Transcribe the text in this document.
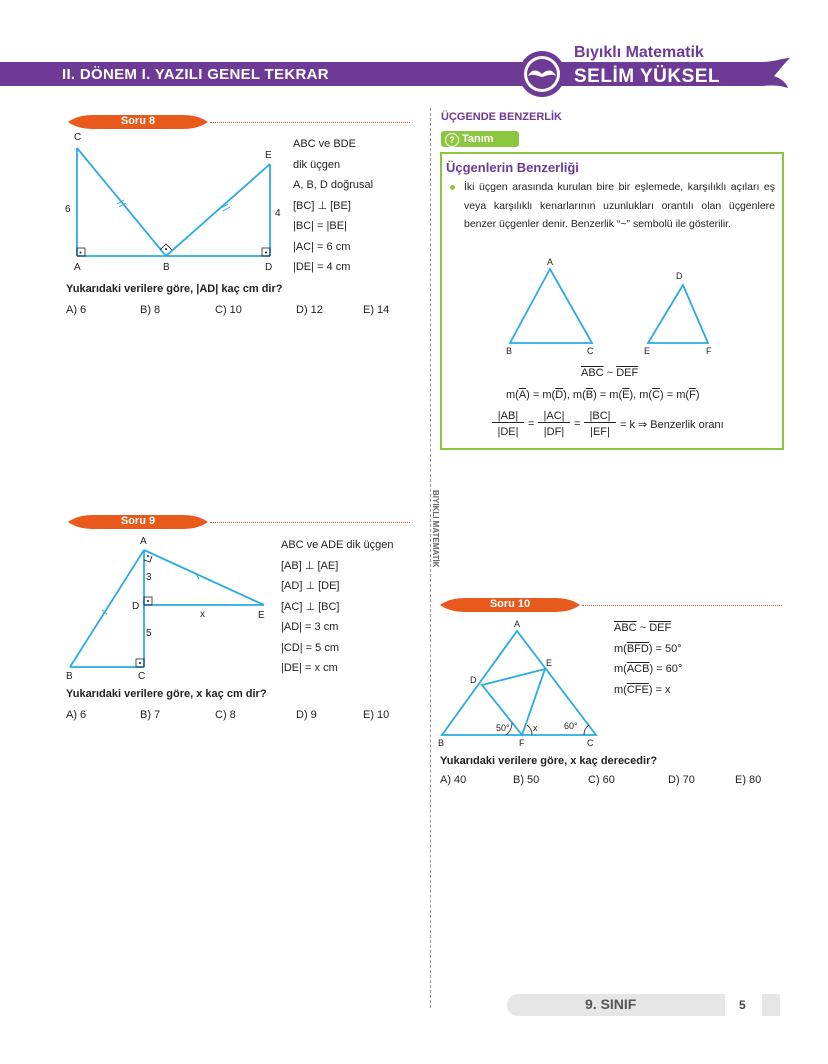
II. DÖNEM I. YAZILI GENEL TEKRAR
Bıyıklı Matematik
SELİM YÜKSEL
BIYIKLI MATEMATİK
Soru 8
C
A	B	D
E
6	4
ABC ve BDE
dik üçgen
A, B, D doğrusal
[BC] ⊥ [BE]
|BC| = |BE|
|AC| = 6 cm
|DE| = 4 cm
Yukarıdaki verilere göre, |AD| kaç cm dir?
A) 6	B) 8	C) 10	D) 12	E) 14
Soru 9
A
B	C
D
E
3
5
x
ABC ve ADE dik üçgen
[AB] ⊥ [AE]
[AD] ⊥ [DE]
[AC] ⊥ [BC]
|AD| = 3 cm
|CD| = 5 cm
|DE| = x cm
Yukarıdaki verilere göre, x kaç cm dir?
A) 6	B) 7	C) 8	D) 9	E) 10
ÜÇGENDE BENZERLİK
? Tanım
Üçgenlerin Benzerliği
İki üçgen arasında kurulan bire bir eşlemede, karşılıklı açıları eş veya karşılıklı kenarlarının uzunlukları orantılı olan üçgenlere benzer üçgenler denir. Benzerlik “~” sembolü ile gösterilir.
A
B	C
D
E	F
$\overline{ABC}$ ~ $\overline{DEF}$
$m(\overline{A}) = m(\overline{D})$, $m(\overline{B}) = m(\overline{E})$, $m(\overline{C}) = m(\overline{F})$
|AB|
|DE|
=
|AC|
|DF|
=
|BC|
|EF|
= k ⇒ Benzerlik oranı
Soru 10
A
B	C
D
E
F
50°	x	60°
$\overline{ABC}$ ~ $\overline{DEF}$
$m(\overline{BFD}) = 50^\circ$
$m(\overline{ACB}) = 60^\circ$
$m(\overline{CFE}) = x$
Yukarıdaki verilere göre, x kaç derecedir?
A) 40	B) 50	C) 60	D) 70	E) 80
9. SINIF	5
